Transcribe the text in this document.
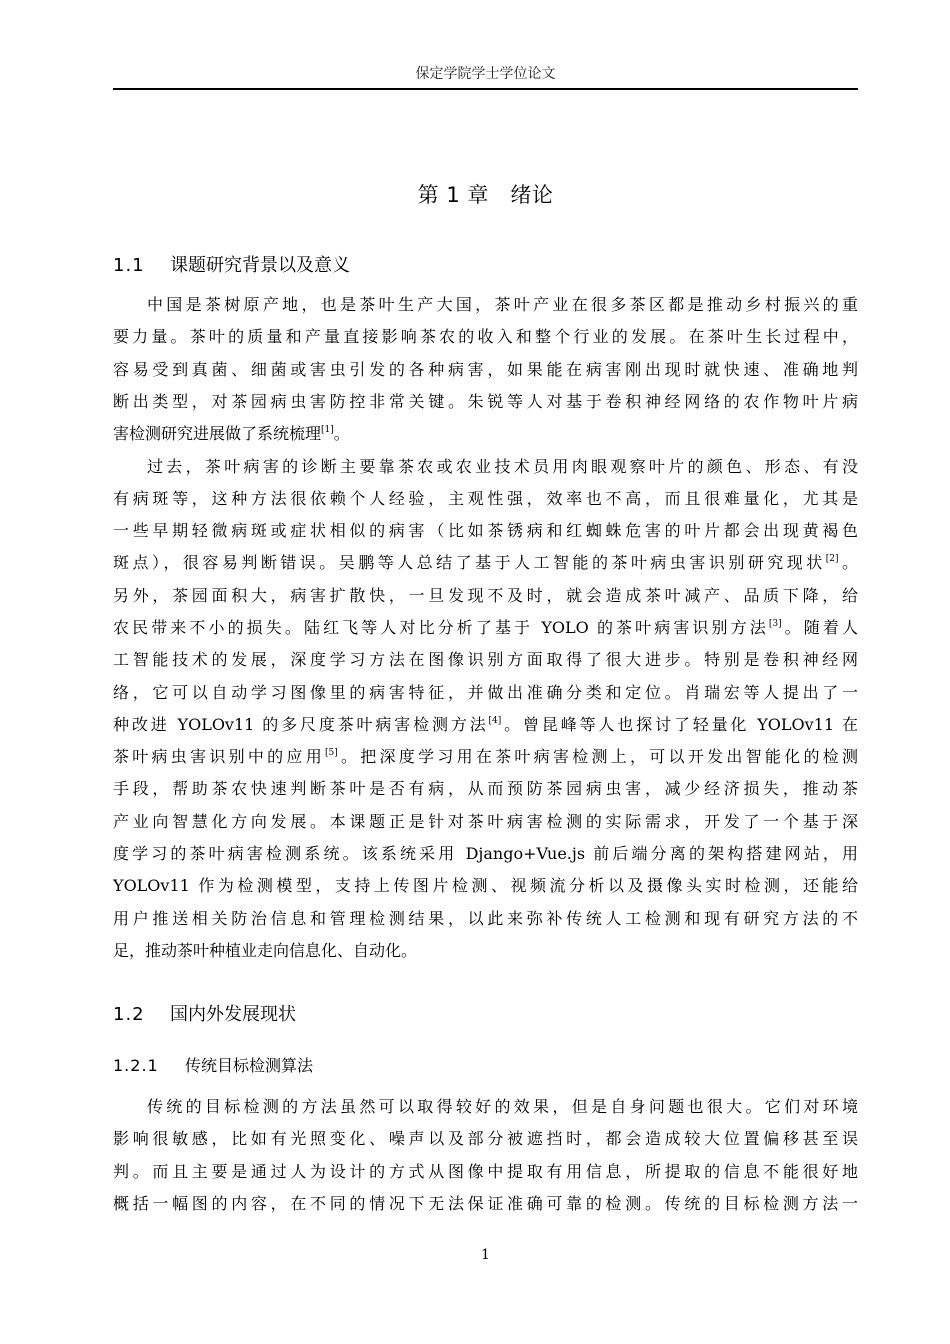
保定学院学士学位论文
第 1 章　绪论
1.1 课题研究背景以及意义
中国是茶树原产地，也是茶叶生产大国，茶叶产业在很多茶区都是推动乡村振兴的重
要力量。茶叶的质量和产量直接影响茶农的收入和整个行业的发展。在茶叶生长过程中，
容易受到真菌、细菌或害虫引发的各种病害，如果能在病害刚出现时就快速、准确地判
断出类型，对茶园病虫害防控非常关键。朱锐等人对基于卷积神经网络的农作物叶片病
害检测研究进展做了系统梳理[1]。
过去，茶叶病害的诊断主要靠茶农或农业技术员用肉眼观察叶片的颜色、形态、有没
有病斑等，这种方法很依赖个人经验，主观性强，效率也不高，而且很难量化，尤其是
一些早期轻微病斑或症状相似的病害（比如茶锈病和红蜘蛛危害的叶片都会出现黄褐色
斑点），很容易判断错误。吴鹏等人总结了基于人工智能的茶叶病虫害识别研究现状[2]。
另外，茶园面积大，病害扩散快，一旦发现不及时，就会造成茶叶减产、品质下降，给
农民带来不小的损失。陆红飞等人对比分析了基于 YOLO 的茶叶病害识别方法[3]。随着人
工智能技术的发展，深度学习方法在图像识别方面取得了很大进步。特别是卷积神经网
络，它可以自动学习图像里的病害特征，并做出准确分类和定位。肖瑞宏等人提出了一
种改进 YOLOv11 的多尺度茶叶病害检测方法[4]。曾昆峰等人也探讨了轻量化 YOLOv11 在
茶叶病虫害识别中的应用[5]。把深度学习用在茶叶病害检测上，可以开发出智能化的检测
手段，帮助茶农快速判断茶叶是否有病，从而预防茶园病虫害，减少经济损失，推动茶
产业向智慧化方向发展。本课题正是针对茶叶病害检测的实际需求，开发了一个基于深
度学习的茶叶病害检测系统。该系统采用 Django+Vue.js 前后端分离的架构搭建网站，用
YOLOv11 作为检测模型，支持上传图片检测、视频流分析以及摄像头实时检测，还能给
用户推送相关防治信息和管理检测结果，以此来弥补传统人工检测和现有研究方法的不
足，推动茶叶种植业走向信息化、自动化。
1.2 国内外发展现状
1.2.1 传统目标检测算法
传统的目标检测的方法虽然可以取得较好的效果，但是自身问题也很大。它们对环境
影响很敏感，比如有光照变化、噪声以及部分被遮挡时，都会造成较大位置偏移甚至误
判。而且主要是通过人为设计的方式从图像中提取有用信息，所提取的信息不能很好地
概括一幅图的内容，在不同的情况下无法保证准确可靠的检测。传统的目标检测方法一
1
